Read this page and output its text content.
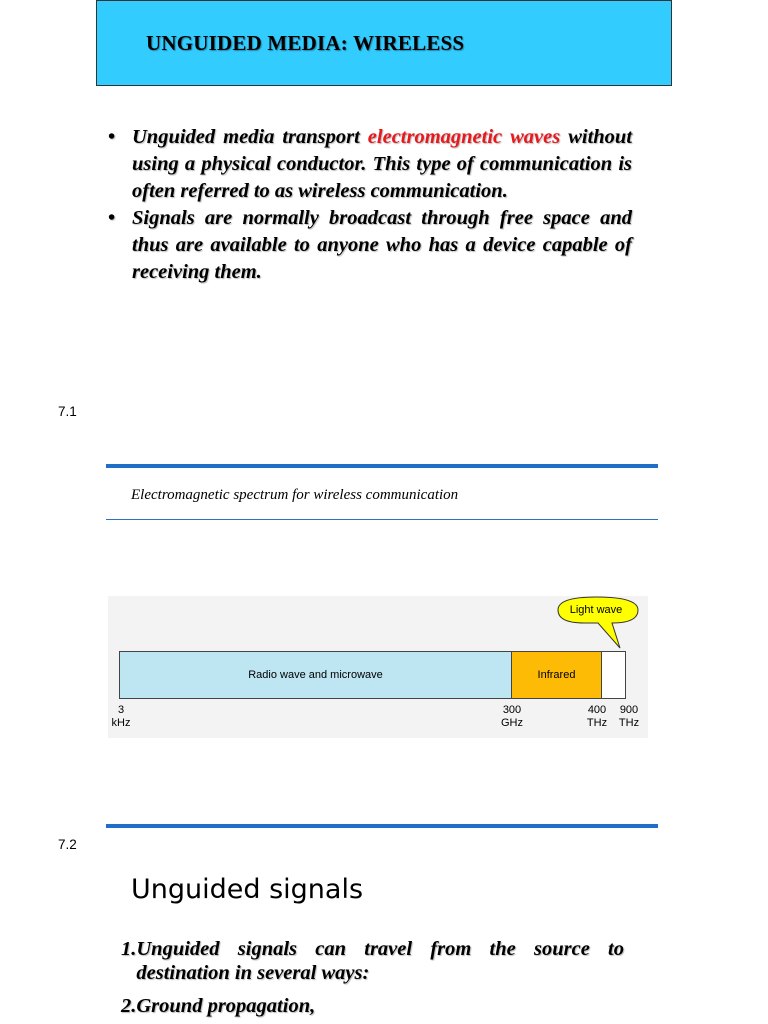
UNGUIDED MEDIA: WIRELESS
• Unguided media transport electromagnetic waves without using a physical conductor. This type of communication is often referred to as wireless communication.
• Signals are normally broadcast through free space and thus are available to anyone who has a device capable of receiving them.
7.1
Electromagnetic spectrum for wireless communication
Light wave
Radio wave and microwave	Infrared
3
kHz
300
GHz
400
THz
900
THz
7.2
Unguided signals
1. Unguided signals can travel from the source to destination in several ways:
2. Ground propagation,
